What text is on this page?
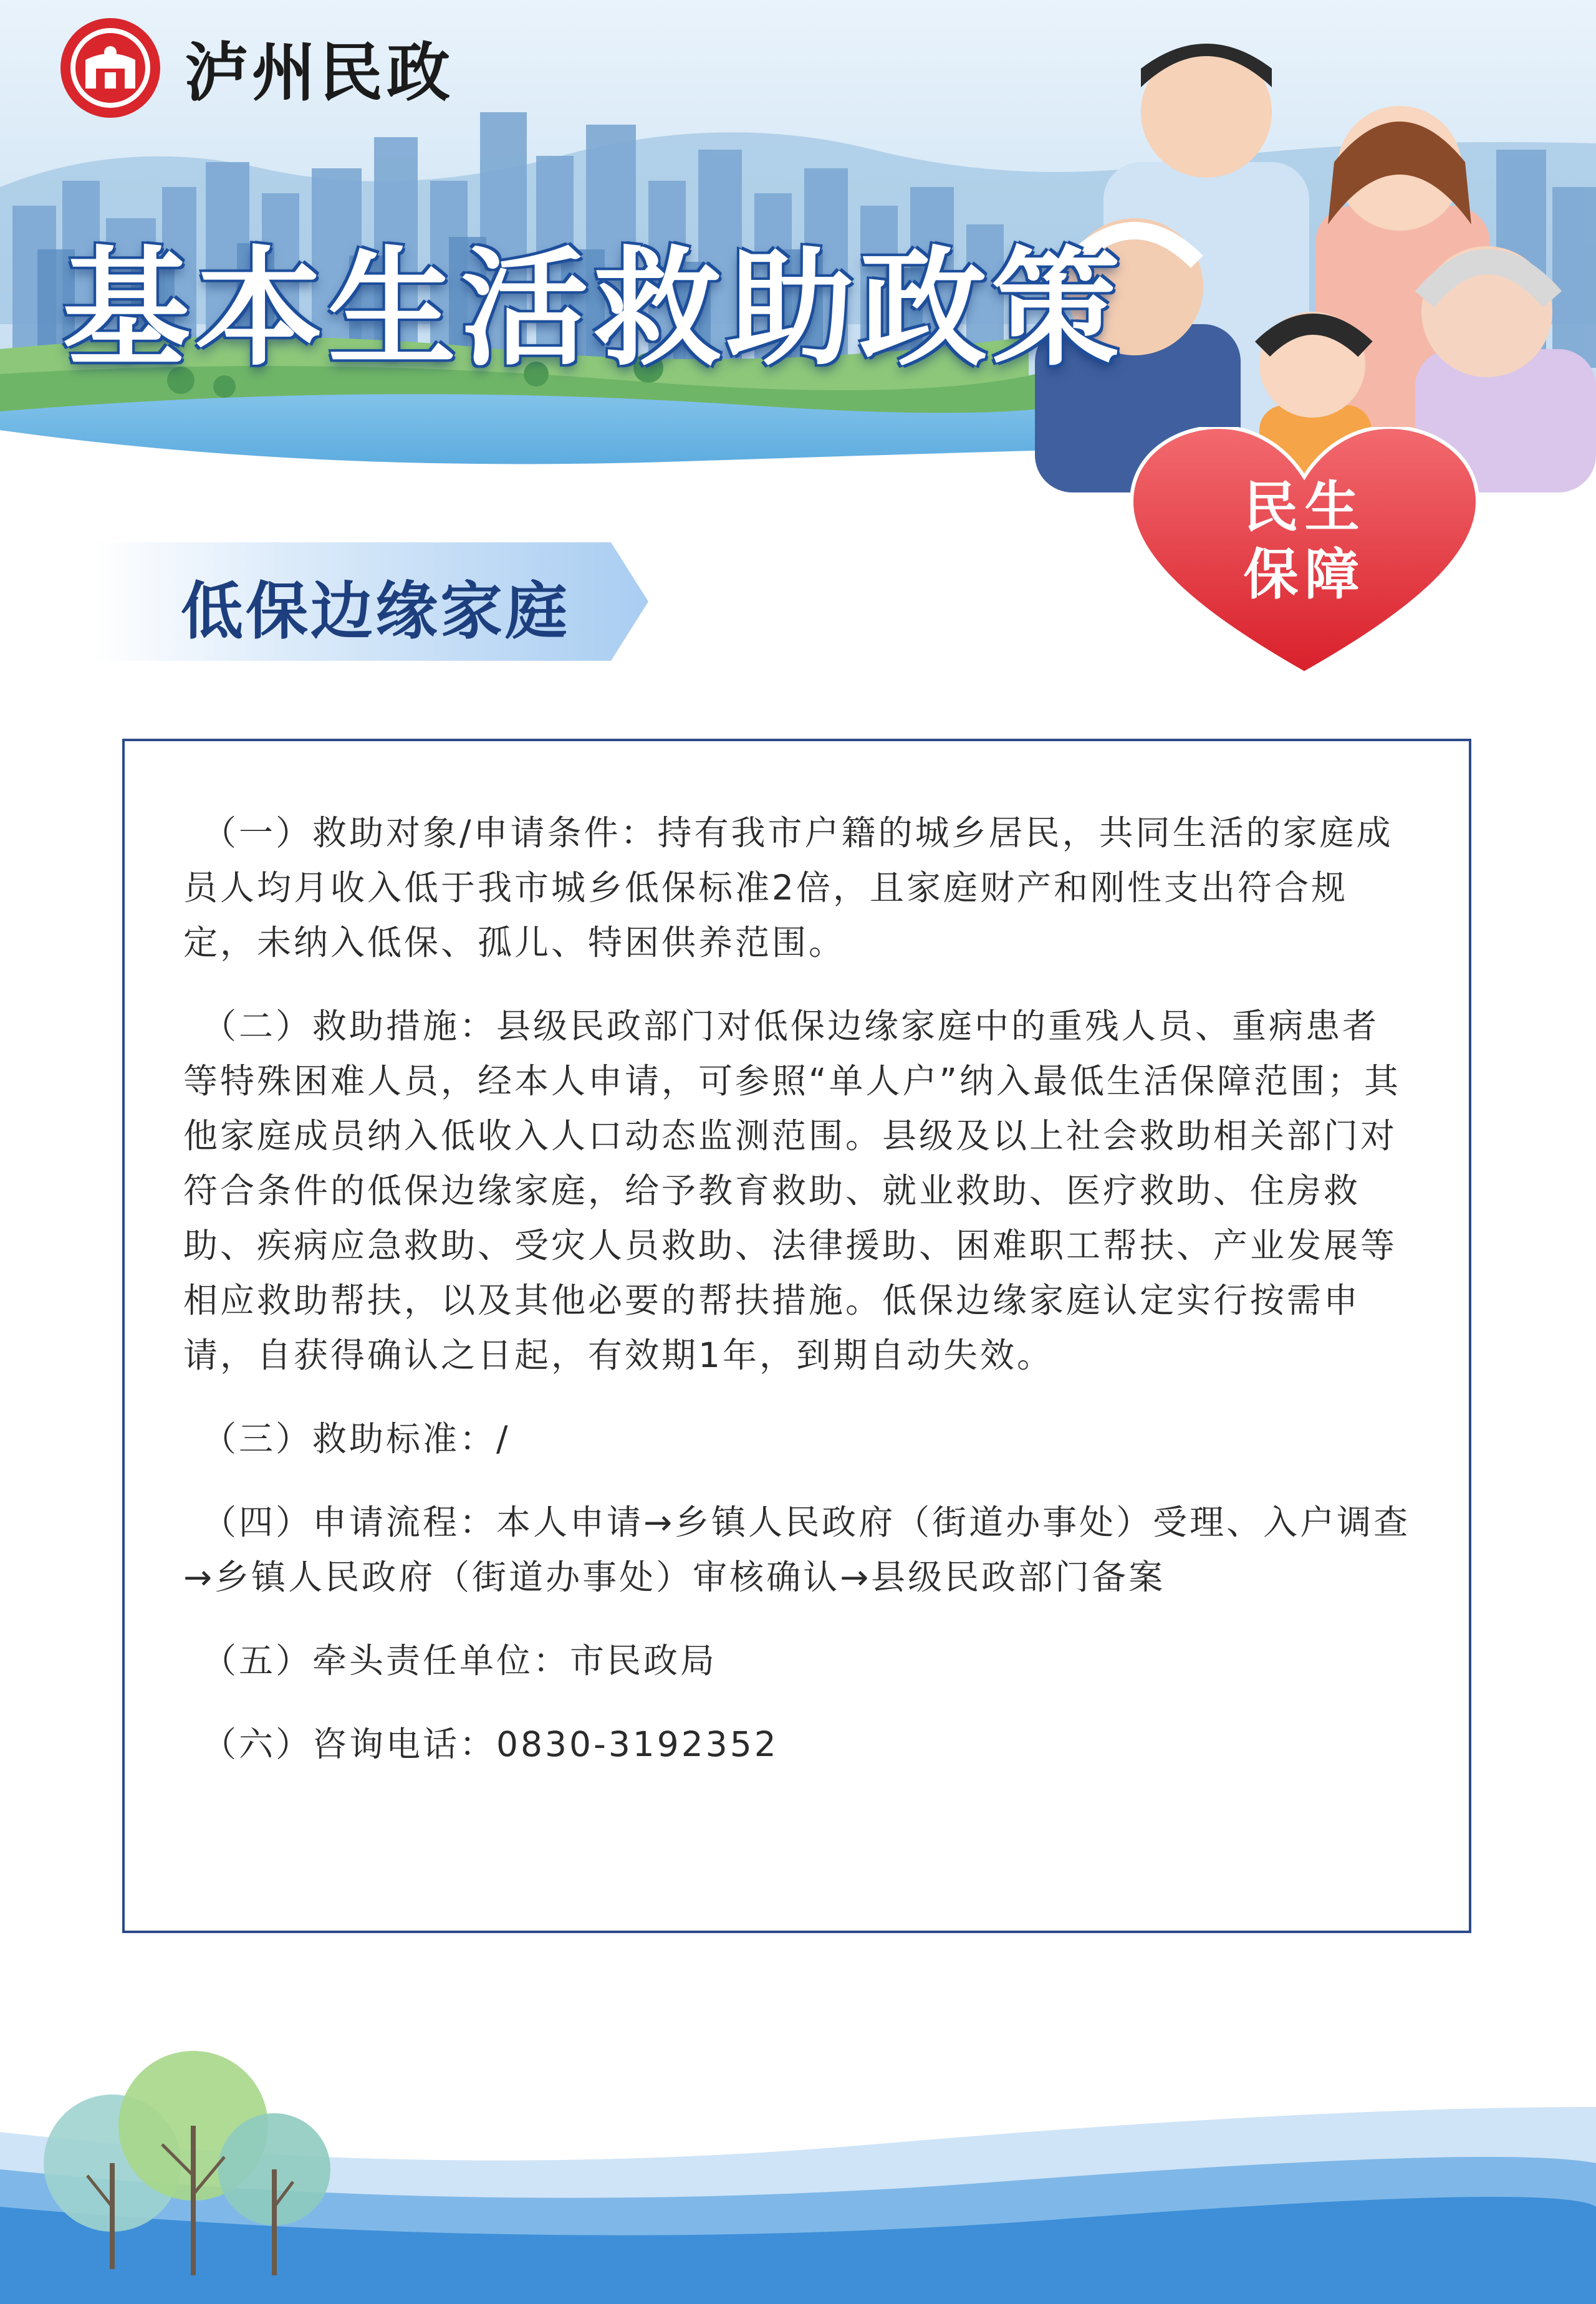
泸州民政
基本生活救助政策
民生
保障
低保边缘家庭

（一）救助对象/申请条件：持有我市户籍的城乡居民，共同生活的家庭成员人均月收入低于我市城乡低保标准2倍，且家庭财产和刚性支出符合规定，未纳入低保、孤儿、特困供养范围。

（二）救助措施：县级民政部门对低保边缘家庭中的重残人员、重病患者等特殊困难人员，经本人申请，可参照“单人户”纳入最低生活保障范围；其他家庭成员纳入低收入人口动态监测范围。县级及以上社会救助相关部门对符合条件的低保边缘家庭，给予教育救助、就业救助、医疗救助、住房救助、疾病应急救助、受灾人员救助、法律援助、困难职工帮扶、产业发展等相应救助帮扶，以及其他必要的帮扶措施。低保边缘家庭认定实行按需申请，自获得确认之日起，有效期1年，到期自动失效。

（三）救助标准：/

（四）申请流程：本人申请→乡镇人民政府（街道办事处）受理、入户调查→乡镇人民政府（街道办事处）审核确认→县级民政部门备案

（五）牵头责任单位：市民政局

（六）咨询电话：0830-3192352
